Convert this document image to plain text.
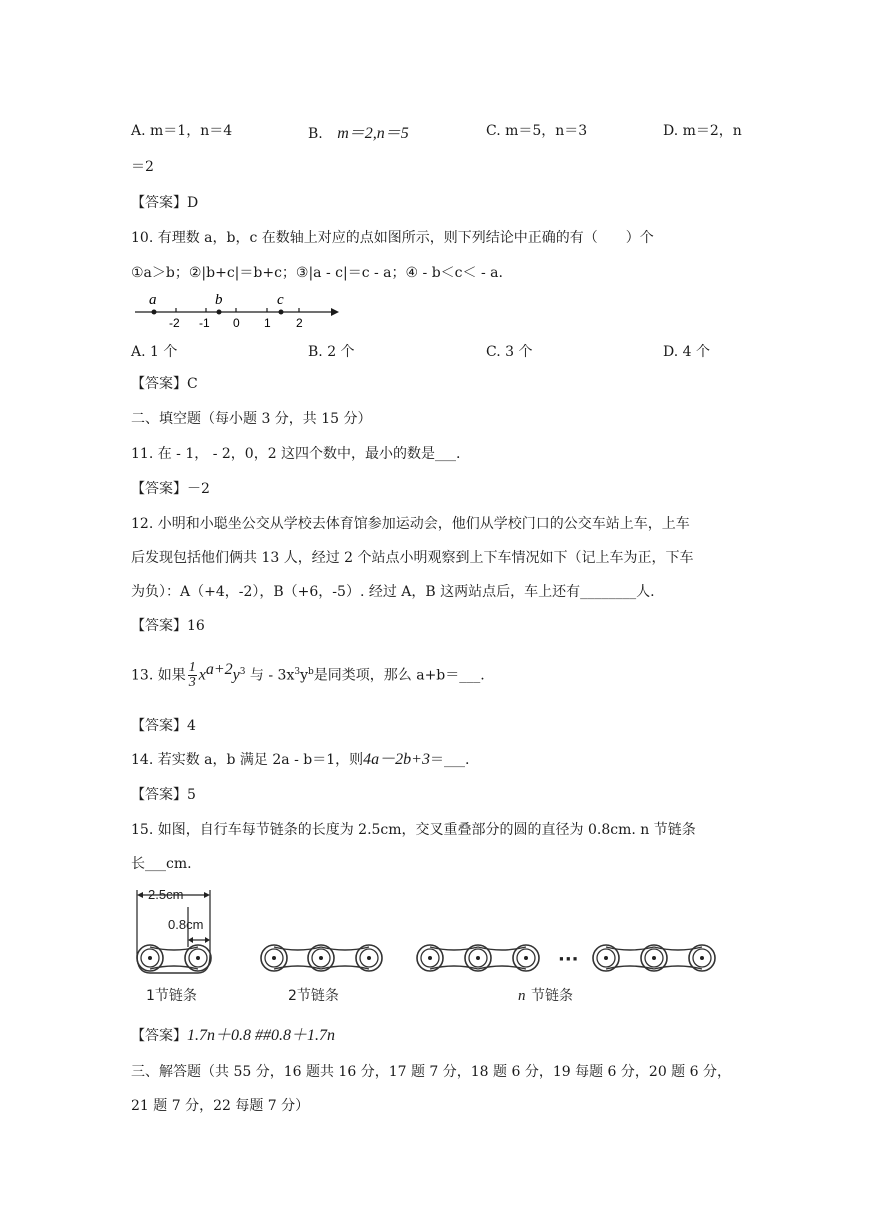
A. m＝1，n＝4	B. m＝2,n＝5	C. m＝5，n＝3	D. m＝2，n
＝2
【答案】D
10. 有理数 a，b，c 在数轴上对应的点如图所示，则下列结论中正确的有（　　）个
①a＞b；②|b+c|＝b+c；③|a - c|＝c - a；④ - b＜c＜ - a.
a	b	c
-2 -1 0 1 2
A. 1 个	B. 2 个	C. 3 个	D. 4 个
【答案】C
二、填空题（每小题 3 分，共 15 分）
11. 在 - 1， - 2，0，2 这四个数中，最小的数是___.
【答案】－2
12. 小明和小聪坐公交从学校去体育馆参加运动会，他们从学校门口的公交车站上车，上车
后发现包括他们俩共 13 人，经过 2 个站点小明观察到上下车情况如下（记上车为正，下车
为负）：A（+4，-2），B（+6，-5）. 经过 A，B 这两站点后，车上还有________人.
【答案】16
13. 如果 $\frac{1}{3} x^{a+2}y^3$ 与 - $3x^3y^b$是同类项，那么 a+b＝___.
【答案】4
14. 若实数 a，b 满足 2a - b＝1，则4a－2b+3＝___.
【答案】5
15. 如图，自行车每节链条的长度为 2.5cm，交叉重叠部分的圆的直径为 0.8cm. n 节链条
长___cm.
2.5cm
0.8cm
···
1节链条	2节链条	n 节链条
【答案】1.7n＋0.8 ##0.8＋1.7n
三、解答题（共 55 分，16 题共 16 分，17 题 7 分，18 题 6 分，19 每题 6 分，20 题 6 分，
21 题 7 分，22 每题 7 分）
